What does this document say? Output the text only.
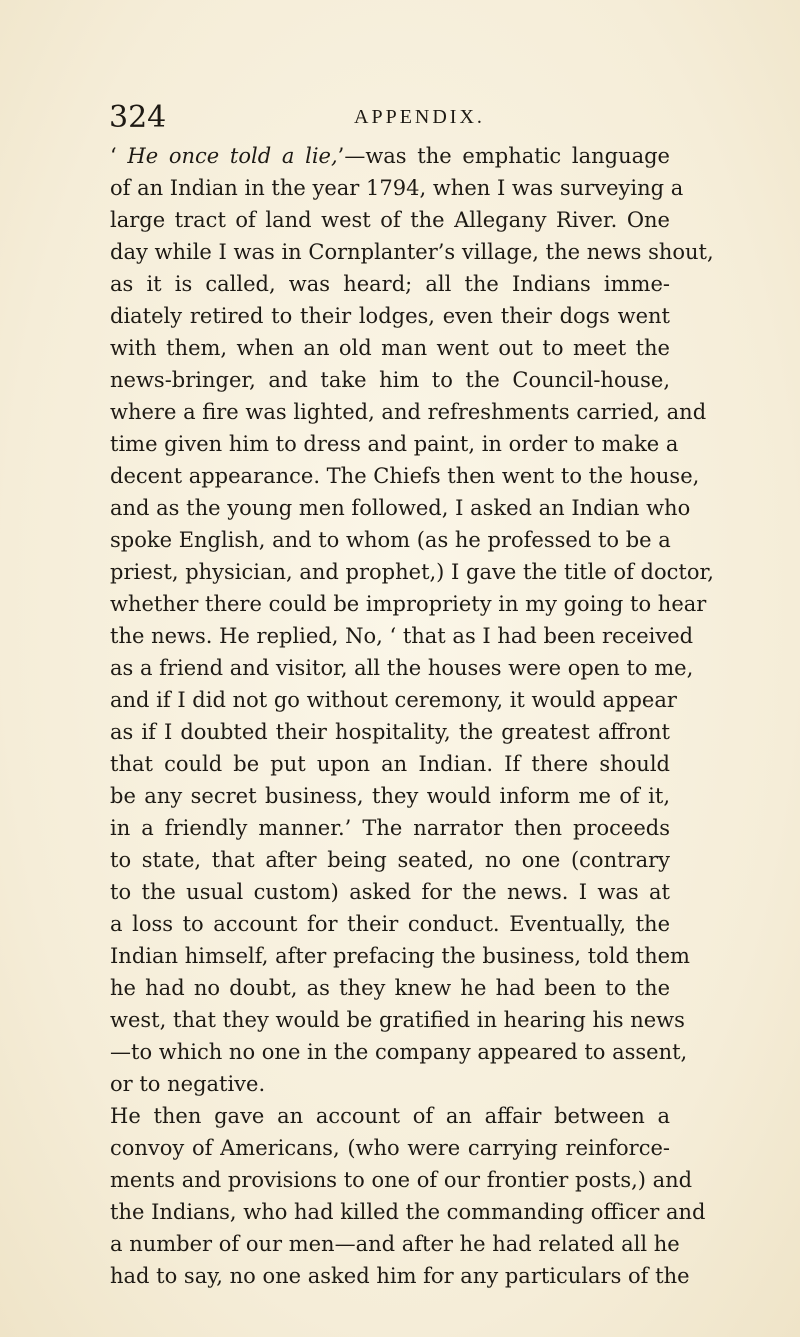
324	APPENDIX.
‘ He once told a lie,’—was the emphatic language
of an Indian in the year 1794, when I was surveying a
large tract of land west of the Allegany River. One
day while I was in Cornplanter’s village, the news shout,
as it is called, was heard; all the Indians imme-
diately retired to their lodges, even their dogs went
with them, when an old man went out to meet the
news-bringer, and take him to the Council-house,
where a fire was lighted, and refreshments carried, and
time given him to dress and paint, in order to make a
decent appearance. The Chiefs then went to the house,
and as the young men followed, I asked an Indian who
spoke English, and to whom (as he professed to be a
priest, physician, and prophet,) I gave the title of doctor,
whether there could be impropriety in my going to hear
the news. He replied, No, ‘ that as I had been received
as a friend and visitor, all the houses were open to me,
and if I did not go without ceremony, it would appear
as if I doubted their hospitality, the greatest affront
that could be put upon an Indian. If there should
be any secret business, they would inform me of it,
in a friendly manner.’ The narrator then proceeds
to state, that after being seated, no one (contrary
to the usual custom) asked for the news. I was at
a loss to account for their conduct. Eventually, the
Indian himself, after prefacing the business, told them
he had no doubt, as they knew he had been to the
west, that they would be gratified in hearing his news
—to which no one in the company appeared to assent,
or to negative.
He then gave an account of an affair between a
convoy of Americans, (who were carrying reinforce-
ments and provisions to one of our frontier posts,) and
the Indians, who had killed the commanding officer and
a number of our men—and after he had related all he
had to say, no one asked him for any particulars of the
